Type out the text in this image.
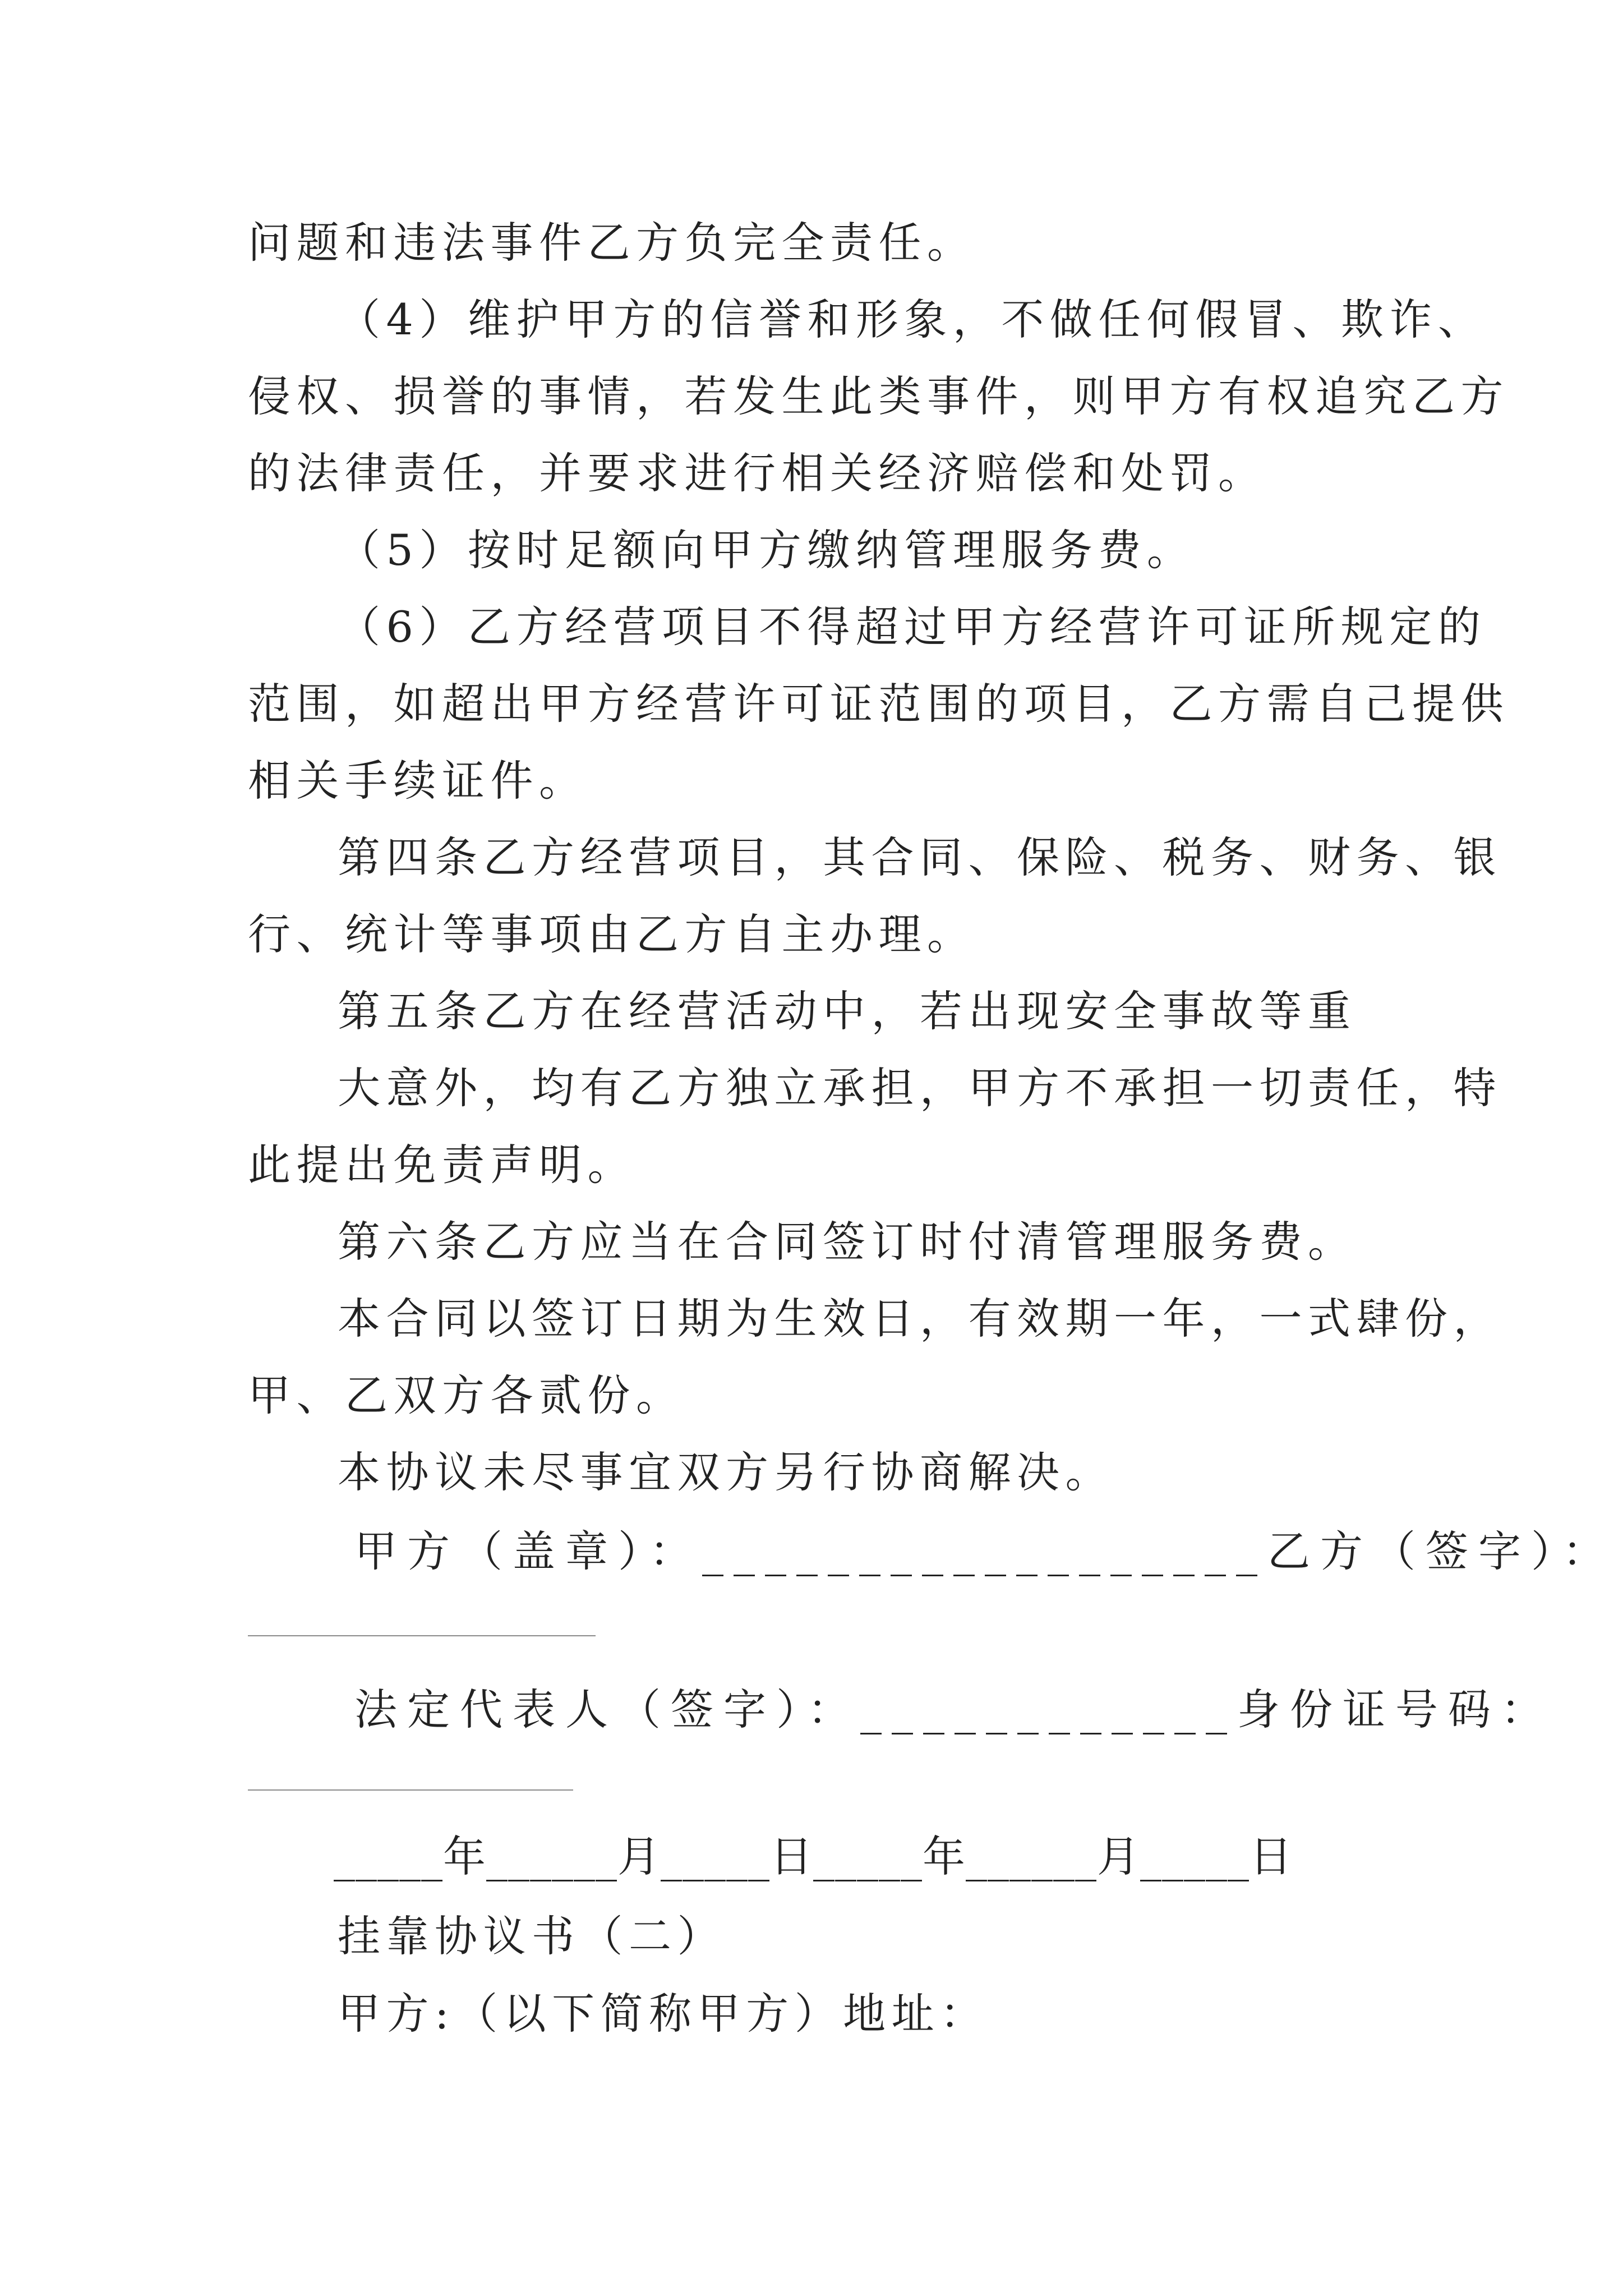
问题和违法事件乙方负完全责任。
（4）维护甲方的信誉和形象，不做任何假冒、欺诈、
侵权、损誉的事情，若发生此类事件，则甲方有权追究乙方
的法律责任，并要求进行相关经济赔偿和处罚。
（5）按时足额向甲方缴纳管理服务费。
（6）乙方经营项目不得超过甲方经营许可证所规定的
范围，如超出甲方经营许可证范围的项目，乙方需自己提供
相关手续证件。
第四条乙方经营项目，其合同、保险、税务、财务、银
行、统计等事项由乙方自主办理。
第五条乙方在经营活动中，若出现安全事故等重
大意外，均有乙方独立承担，甲方不承担一切责任，特
此提出免责声明。
第六条乙方应当在合同签订时付清管理服务费。
本合同以签订日期为生效日，有效期一年，一式肆份，
甲、乙双方各贰份。
本协议未尽事宜双方另行协商解决。
甲方（盖章）：__________________乙方（签字）：
法定代表人（签字）：____________身份证号码：
_____年______月_____日_____年______月_____日
挂靠协议书（二）
甲方:（以下简称甲方）地址：
